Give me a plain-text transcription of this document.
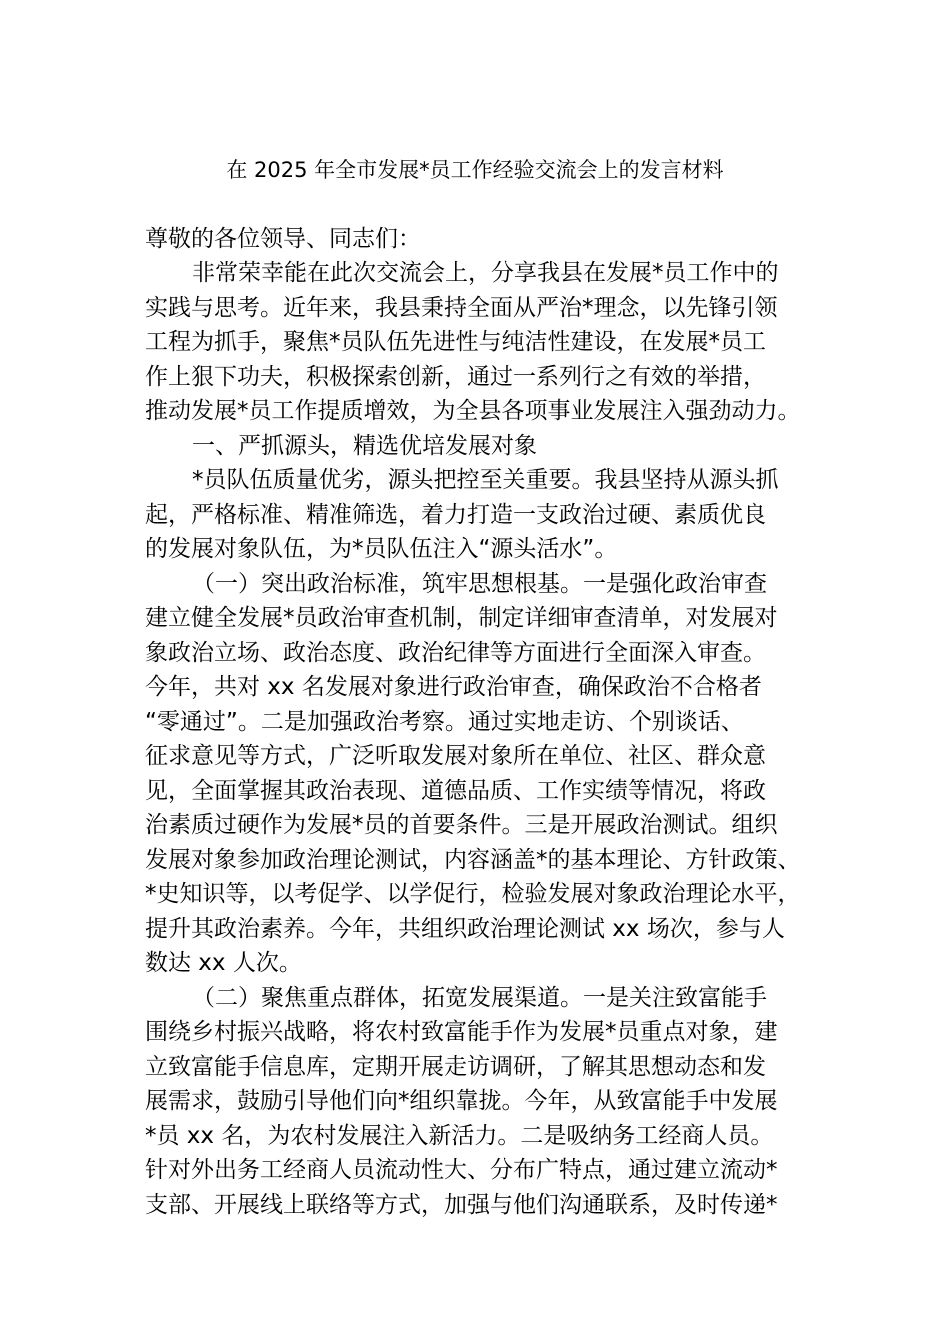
在 2025 年全市发展*员工作经验交流会上的发言材料
尊敬的各位领导、同志们：
非常荣幸能在此次交流会上，分享我县在发展*员工作中的
实践与思考。近年来，我县秉持全面从严治*理念，以先锋引领
工程为抓手，聚焦*员队伍先进性与纯洁性建设，在发展*员工
作上狠下功夫，积极探索创新，通过一系列行之有效的举措，
推动发展*员工作提质增效，为全县各项事业发展注入强劲动力。
一、严抓源头，精选优培发展对象
*员队伍质量优劣，源头把控至关重要。我县坚持从源头抓
起，严格标准、精准筛选，着力打造一支政治过硬、素质优良
的发展对象队伍，为*员队伍注入“源头活水”。
（一）突出政治标准，筑牢思想根基。一是强化政治审查
建立健全发展*员政治审查机制，制定详细审查清单，对发展对
象政治立场、政治态度、政治纪律等方面进行全面深入审查。
今年，共对 xx 名发展对象进行政治审查，确保政治不合格者
“零通过”。二是加强政治考察。通过实地走访、个别谈话、
征求意见等方式，广泛听取发展对象所在单位、社区、群众意
见，全面掌握其政治表现、道德品质、工作实绩等情况，将政
治素质过硬作为发展*员的首要条件。三是开展政治测试。组织
发展对象参加政治理论测试，内容涵盖*的基本理论、方针政策、
*史知识等，以考促学、以学促行，检验发展对象政治理论水平，
提升其政治素养。今年，共组织政治理论测试 xx 场次，参与人
数达 xx 人次。
（二）聚焦重点群体，拓宽发展渠道。一是关注致富能手
围绕乡村振兴战略，将农村致富能手作为发展*员重点对象，建
立致富能手信息库，定期开展走访调研，了解其思想动态和发
展需求，鼓励引导他们向*组织靠拢。今年，从致富能手中发展
*员 xx 名，为农村发展注入新活力。二是吸纳务工经商人员。
针对外出务工经商人员流动性大、分布广特点，通过建立流动*
支部、开展线上联络等方式，加强与他们沟通联系，及时传递*
